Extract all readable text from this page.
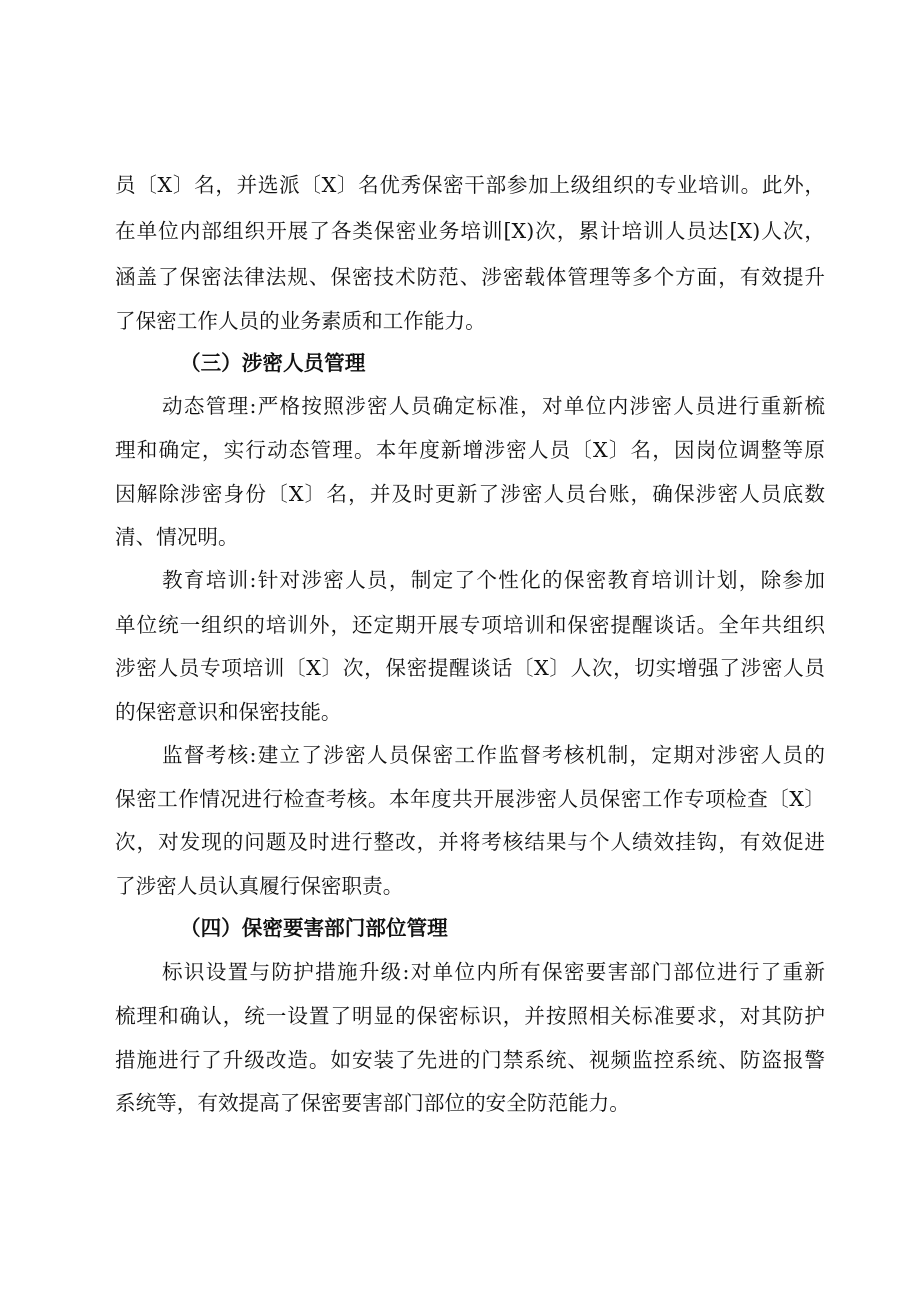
员〔X〕名，并选派〔X〕名优秀保密干部参加上级组织的专业培训。此外，
在单位内部组织开展了各类保密业务培训[X)次，累计培训人员达[X)人次，
涵盖了保密法律法规、保密技术防范、涉密载体管理等多个方面，有效提升
了保密工作人员的业务素质和工作能力。
（三）涉密人员管理
动态管理:严格按照涉密人员确定标准，对单位内涉密人员进行重新梳
理和确定，实行动态管理。本年度新增涉密人员〔X〕名，因岗位调整等原
因解除涉密身份〔X〕名，并及时更新了涉密人员台账，确保涉密人员底数
清、情况明。
教育培训:针对涉密人员，制定了个性化的保密教育培训计划，除参加
单位统一组织的培训外，还定期开展专项培训和保密提醒谈话。全年共组织
涉密人员专项培训〔X〕次，保密提醒谈话〔X〕人次，切实增强了涉密人员
的保密意识和保密技能。
监督考核:建立了涉密人员保密工作监督考核机制，定期对涉密人员的
保密工作情况进行检查考核。本年度共开展涉密人员保密工作专项检查〔X〕
次，对发现的问题及时进行整改，并将考核结果与个人绩效挂钩，有效促进
了涉密人员认真履行保密职责。
（四）保密要害部门部位管理
标识设置与防护措施升级:对单位内所有保密要害部门部位进行了重新
梳理和确认，统一设置了明显的保密标识，并按照相关标准要求，对其防护
措施进行了升级改造。如安装了先进的门禁系统、视频监控系统、防盗报警
系统等，有效提高了保密要害部门部位的安全防范能力。
